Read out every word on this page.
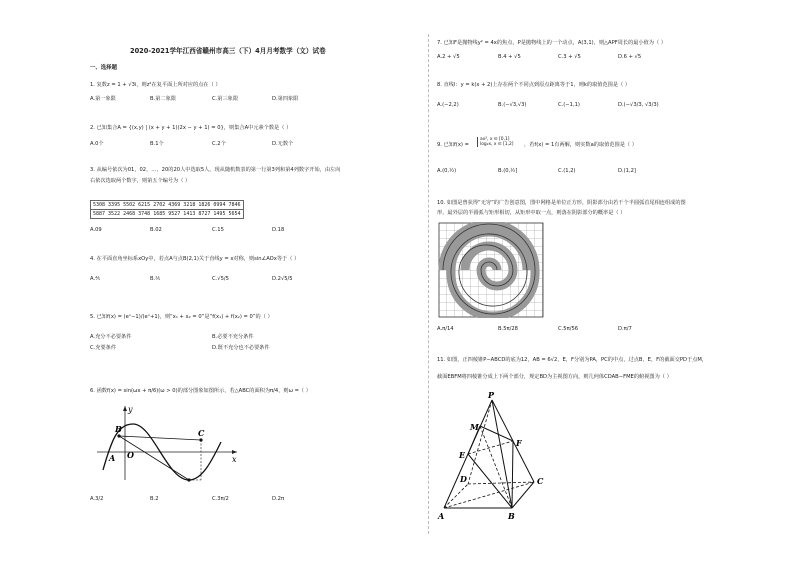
2020-2021学年江西省赣州市高三（下）4月月考数学（文）试卷
一、选择题
1. 复数z = 1 + √3i，则z²在复平面上所对应的点在（ ）
A.第一象限	B.第二象限	C.第三象限	D.第四象限
2. 已知集合A = {(x,y) | (x + y + 1)(2x − y + 1) = 0}，则集合A中元素个数是（ ）
A.0个	B.1个	C.2个	D.无数个
3. 从编号依次为01，02，…，20的20人中选取5人，现从随机数表的第一行第3列和第4列数字开始，由左向
右依次选取两个数字，则第五个编号为（ ）
5308 3395 5502 6215 2702 4369 3218 1826 0994 7846
5887 3522 2468 3748 1685 9527 1413 8727 1495 5654
A.09	B.02	C.15	D.18
4. 在平面直角坐标系xOy中，若点A与点B(2,1)关于直线y = x对称，则sin∠AOx等于（ ）
A.⅘	B.⅖	C.√5/5	D.2√5/5
5. 已知f(x) = (eˣ−1)/(eˣ+1)，则“x₁ + x₂ = 0”是“f(x₁) + f(x₂) = 0”的（ ）
A.充分不必要条件	B.必要不充分条件
C.充要条件	D.既不充分也不必要条件
6. 函数f(x) = sin(ωx + π/6)(ω > 0)的部分图象如图所示，若△ABC的面积为π/4，则ω =（ ）
y
x
B
A O
C
A.3/2	B.2	C.3π/2	D.2π
7. 已知F是抛物线y² = 4x的焦点，P是抛物线上的一个动点，A(3,1)，则△APF周长的最小值为（ ）
A.2 + √5	B.4 + √5	C.3 + √5	D.6 + √5
8. 直线l：y = k(x + 2)上存在两个不同点到原点距离等于1，则k的取值范围是（ ）
A.(−2,2)	B.(−√3,√3)	C.(−1,1)	D.(−√3/3, √3/3)
9. 已知f(x) =
ax², x ∈ [0,1]
log₂x, x ∈ [1,2] ，若f(x) = 1有两解，则实数a的取值范围是（ ）
A.(0,½)	B.(0,½]	C.(1,2)	D.(1,2]
10. 如图是曾获得“无穷”的广告创意图，图中网格是单位正方形，阴影部分由若干个半圆弧首尾相连组成的图
形，最外层的半圆弧与矩形相切，从矩形中取一点，则落在阴影部分的概率是（ ）
A.π/14	B.5π/28	C.5π/56	D.π/7
11. 如图，正四棱锥P−ABCD的底为12，AB = 6√2，E，F分别为PA，PC的中点，过点B，E，F的截面交PD于点M，
截面EBFM将四棱锥分成上下两个部分，规定BD为主视图方向，则几何体CDAB−FME的俯视图为（ ）
P
M
F
E
D	C
A	B
